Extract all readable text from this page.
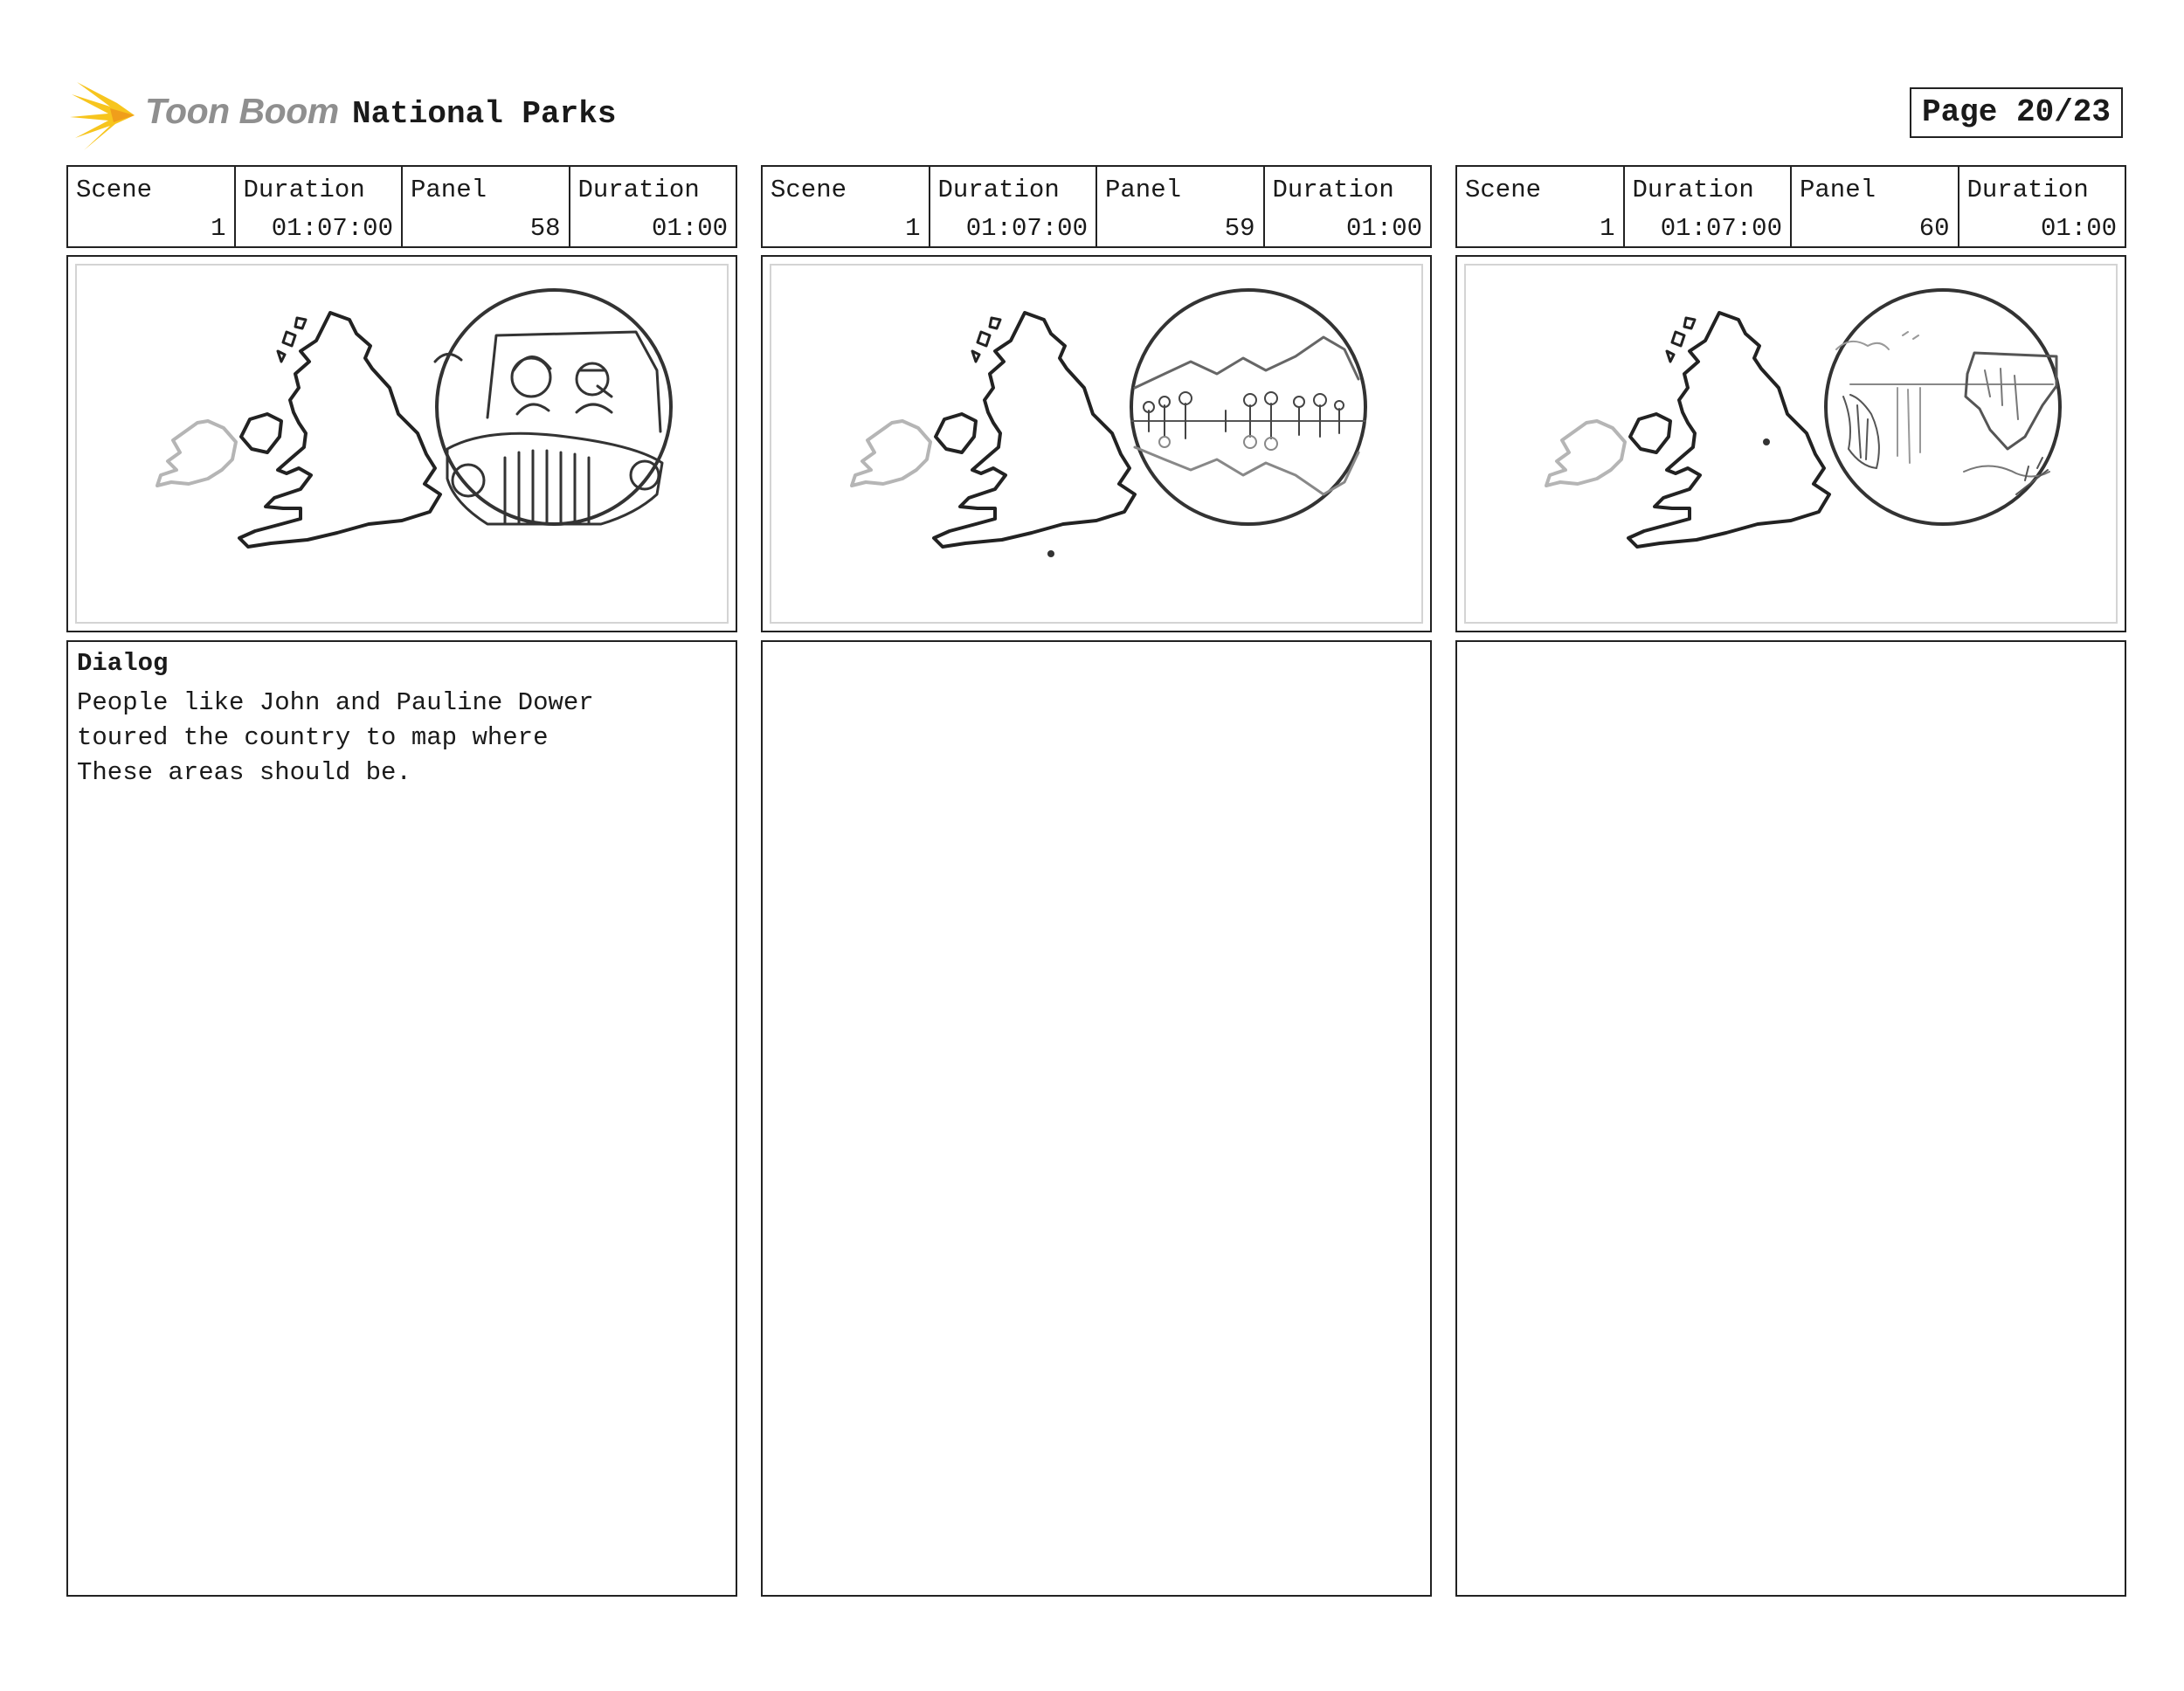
Toon Boom National Parks	Page 20/23
Scene
1
Duration
01:07:00
Panel
58
Duration
01:00
Dialog
People like John and Pauline Dower
toured the country to map where
These areas should be.
Scene
1
Duration
01:07:00
Panel
59
Duration
01:00
Scene
1
Duration
01:07:00
Panel
60
Duration
01:00
